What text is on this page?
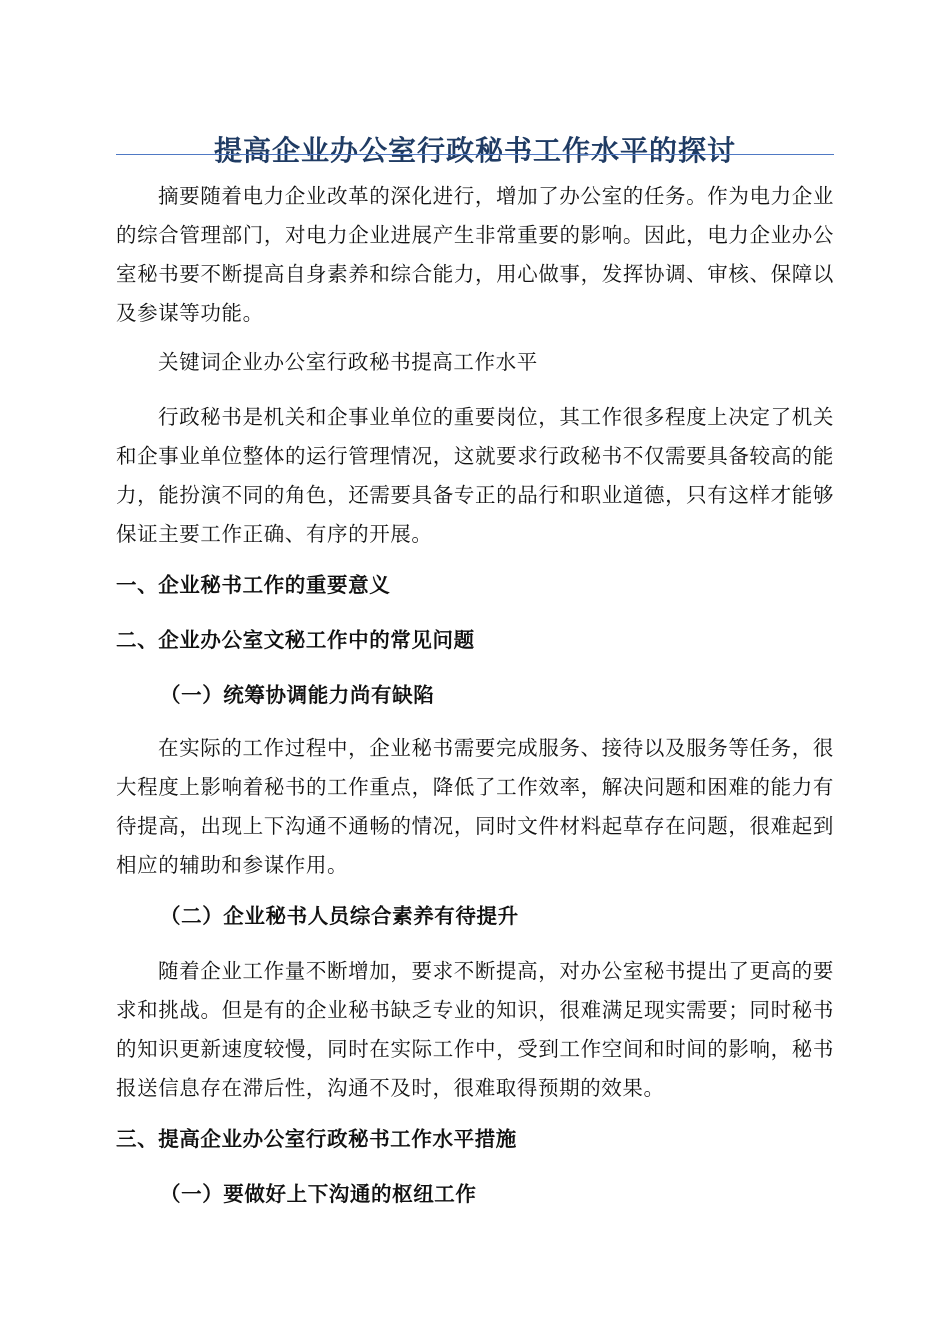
提高企业办公室行政秘书工作水平的探讨

摘要随着电力企业改革的深化进行，增加了办公室的任务。作为电力企业的综合管理部门，对电力企业进展产生非常重要的影响。因此，电力企业办公室秘书要不断提高自身素养和综合能力，用心做事，发挥协调、审核、保障以及参谋等功能。

关键词企业办公室行政秘书提高工作水平

行政秘书是机关和企事业单位的重要岗位，其工作很多程度上决定了机关和企事业单位整体的运行管理情况，这就要求行政秘书不仅需要具备较高的能力，能扮演不同的角色，还需要具备专正的品行和职业道德，只有这样才能够保证主要工作正确、有序的开展。

一、企业秘书工作的重要意义
二、企业办公室文秘工作中的常见问题
（一）统筹协调能力尚有缺陷

在实际的工作过程中，企业秘书需要完成服务、接待以及服务等任务，很大程度上影响着秘书的工作重点，降低了工作效率，解决问题和困难的能力有待提高，出现上下沟通不通畅的情况，同时文件材料起草存在问题，很难起到相应的辅助和参谋作用。

（二）企业秘书人员综合素养有待提升

随着企业工作量不断增加，要求不断提高，对办公室秘书提出了更高的要求和挑战。但是有的企业秘书缺乏专业的知识，很难满足现实需要；同时秘书的知识更新速度较慢，同时在实际工作中，受到工作空间和时间的影响，秘书报送信息存在滞后性，沟通不及时，很难取得预期的效果。

三、提高企业办公室行政秘书工作水平措施
（一）要做好上下沟通的枢纽工作
